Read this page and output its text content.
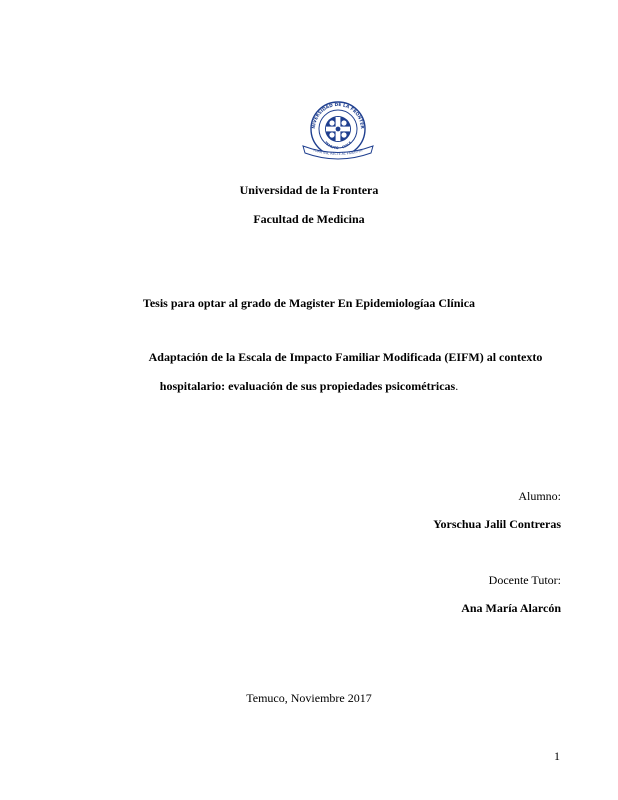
NIVERSIDAD DE LA FRONTER
TEMUCO - CHILE
FORTITER, RECTE AC FIDELITER
Universidad de la Frontera
Facultad de Medicina
Tesis para optar al grado de Magister En Epidemiologíaa Clínica
Adaptación de la Escala de Impacto Familiar Modificada (EIFM) al contexto
hospitalario: evaluación de sus propiedades psicométricas.
Alumno:
Yorschua Jalil Contreras
Docente Tutor:
Ana María Alarcón
Temuco, Noviembre 2017
1
